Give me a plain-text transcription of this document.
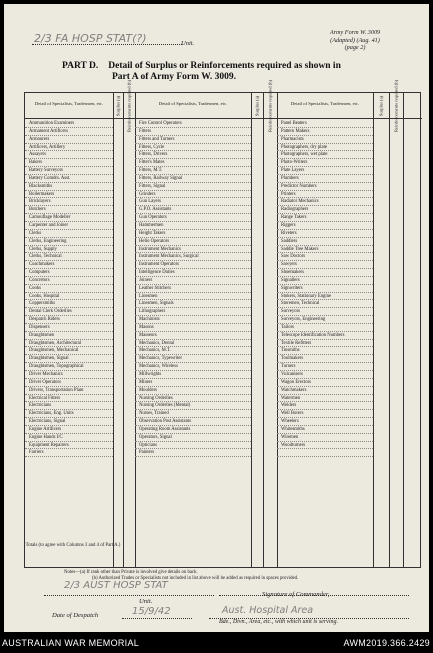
2/3 FA HOSP STAT(?)	Unit.
Army Form W. 3009
(Adapted) (Aug. 41)
(page 2)
PART D. Detail of Surplus or Reinforcements required as shown in
Part A of Army Form W. 3009.
Detail of Specialists, Tradesmen, etc.	Surplus (a) Reinforcements required (b)	Detail of Specialists, Tradesmen, etc.	Surplus (a) Reinforcements required (b)	Detail of Specialists, Tradesmen, etc.	Surplus (a) Reinforcements required (b)
Ammunition Examiners
Armament Artificers
Armourers
Artificers, Artillery
Assayers
Bakers
Battery Surveyors
Battery Comdrs. Asst.
Blacksmiths
Boilermakers
Bricklayers
Butchers
Camouflage Modeller
Carpenter and Joiner
Clerks
Clerks, Engineering
Clerks, Supply
Clerks, Technical
Coachmakers
Computers
Concretors
Cooks
Cooks, Hospital
Coppersmiths
Dental Clerk Orderlies
Despatch Riders
Dispensers
Draughtsmen
Draughtsmen, Architectural
Draughtsmen, Mechanical
Draughtsmen, Signal
Draughtsmen, Topographical
Driver Mechanics
Driver Operators
Drivers, Transportation Plant
Electrical Fitters
Electricians
Electricians, Eng. Units
Electricians, Signal
Engine Artificers
Engine Hands I/C
Equipment Repairers
Farriers
Fire Control Operators
Fitters
Fitters and Turners
Fitters, Cycle
Fitters, Drivers
Fitter's Mates
Fitters, M.T.
Fitters, Railway Signal
Fitters, Signal
Grinders
Gun Layers
G.P.O. Assistants
Gun Operators
Hammermen
Height Takers
Helio Operators
Instrument Mechanics
Instrument Mechanics, Surgical
Instrument Operators
Intelligence Duties
Joiners
Leather Stitchers
Linesmen
Linesmen, Signals
Lithographers
Machinists
Masons
Masseurs
Mechanics, Dental
Mechanics, M.T.
Mechanics, Typewriter
Mechanics, Wireless
Millwrights
Miners
Moulders
Nursing Orderlies
Nursing Orderlies (Mental)
Nurses, Trained
Observation Post Assistants
Operating Room Assistants
Operators, Signal
Opticians
Painters
Panel Beaters
Pattern Makers
Pharmacists
Photographers, dry plate
Photographers, wet plate
Photo-Writers
Plate Layers
Plumbers
Predictor Numbers
Printers
Radiator Mechanics
Radiographers
Range Takers
Riggers
Riveters
Saddlers
Saddle Tree Makers
Saw Doctors
Sawyers
Shoemakers
Signallers
Signwriters
Stokers, Stationary Engine
Storemen, Technical
Surveyors
Surveyors, Engineering
Tailors
Telescope Identification Numbers
Textile Refitters
Tinsmiths
Toolmakers
Turners
Vulcanisers
Wagon Erectors
Watchmakers
Watermen
Welders
Well Borers
Wheelers
Whitesmiths
Wiremen
Woodturners
Totals (to agree with Columns 3 and 4 of Part A.)
Notes—(a) If rank other than Private is involved give details on back.
(b) Authorized Trades or Specialists not included in list above will be added as required in spaces provided.
2/3 AUST HOSP STAT
Unit.
Signature of Commander,
Date of Despatch	15/9/42	Aust. Hospital Area
Bde., Divn., Area, etc., with which unit is serving.
AUSTRALIAN WAR MEMORIAL	AWM2019.366.2429
